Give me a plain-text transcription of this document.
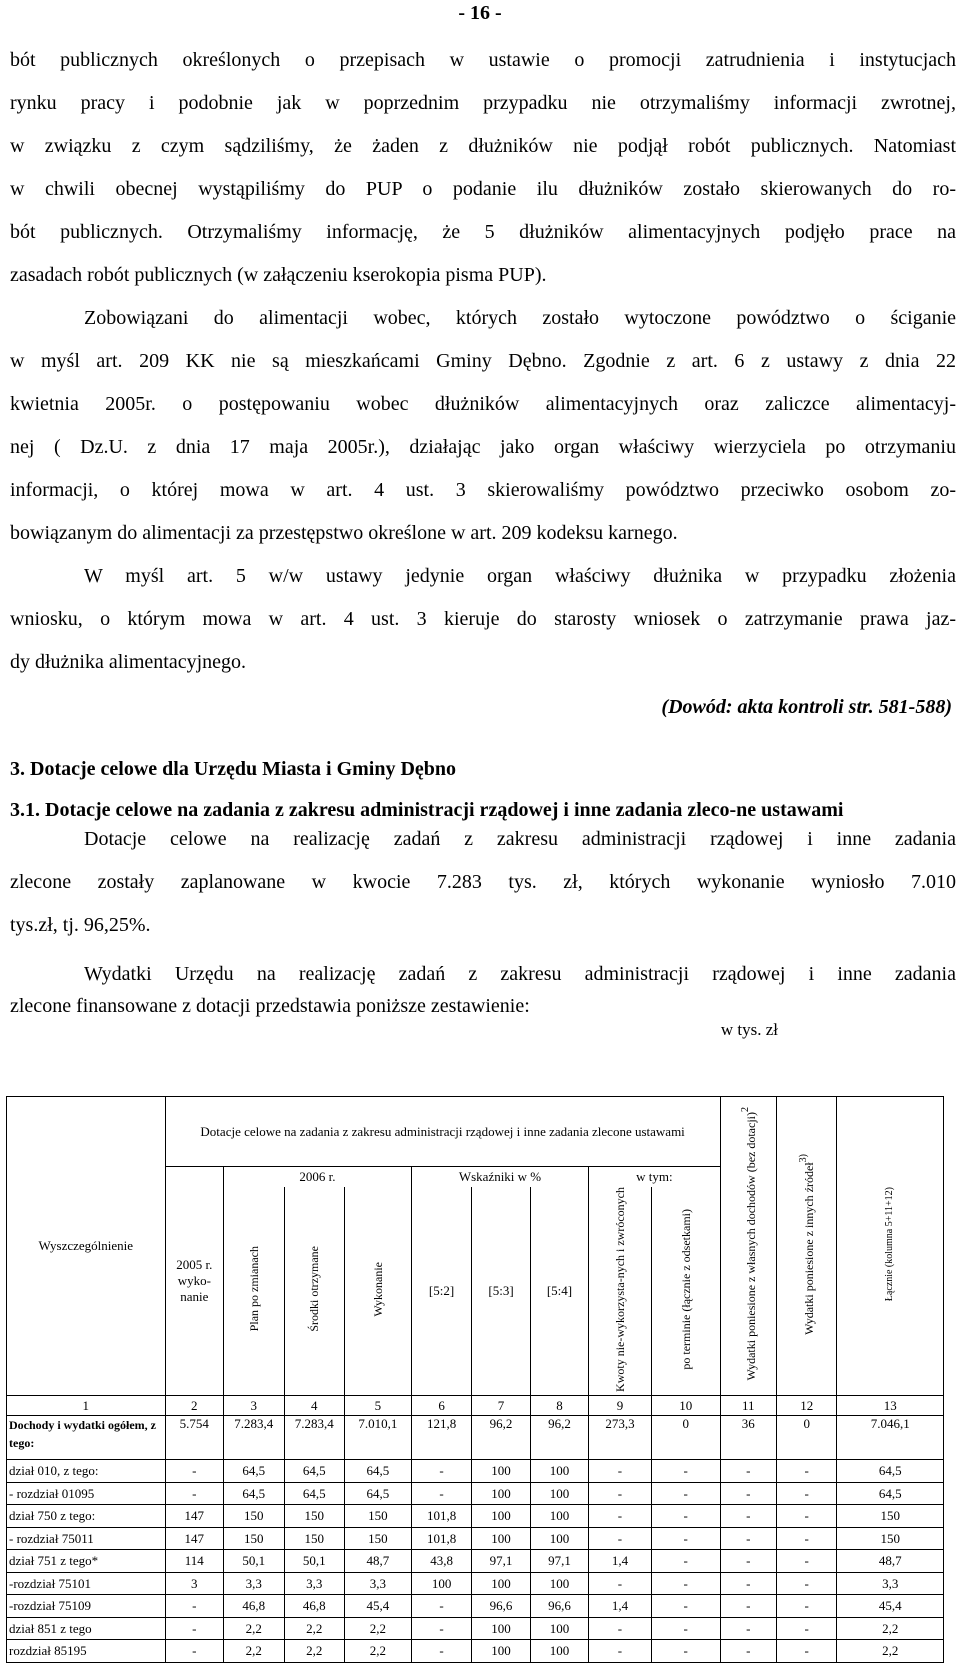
- 16 -
bót publicznych określonych o przepisach w ustawie o promocji zatrudnienia i instytucjach
rynku pracy i podobnie jak w poprzednim przypadku nie otrzymaliśmy informacji zwrotnej,
w związku z czym sądziliśmy, że żaden z dłużników nie podjął robót publicznych. Natomiast
w chwili obecnej wystąpiliśmy do PUP o podanie ilu dłużników zostało skierowanych do ro-
bót publicznych. Otrzymaliśmy informację, że 5 dłużników alimentacyjnych podjęło prace na
zasadach robót publicznych (w załączeniu kserokopia pisma PUP).
Zobowiązani do alimentacji wobec, których zostało wytoczone powództwo o ściganie
w myśl art. 209 KK nie są mieszkańcami Gminy Dębno. Zgodnie z art. 6 z ustawy z dnia 22
kwietnia 2005r. o postępowaniu wobec dłużników alimentacyjnych oraz zaliczce alimentacyj-
nej ( Dz.U. z dnia 17 maja 2005r.), działając jako organ właściwy wierzyciela po otrzymaniu
informacji, o której mowa w art. 4 ust. 3 skierowaliśmy powództwo przeciwko osobom zo-
bowiązanym do alimentacji za przestępstwo określone w art. 209 kodeksu karnego.
W myśl art. 5 w/w ustawy jedynie organ właściwy dłużnika w przypadku złożenia
wniosku, o którym mowa w art. 4 ust. 3 kieruje do starosty wniosek o zatrzymanie prawa jaz-
dy dłużnika alimentacyjnego.
(Dowód: akta kontroli str. 581-588)
3. Dotacje celowe dla Urzędu Miasta i Gminy Dębno
3.1. Dotacje celowe na zadania z zakresu administracji rządowej i inne zadania zleco-ne ustawami
Dotacje celowe na realizację zadań z zakresu administracji rządowej i inne zadania
zlecone zostały zaplanowane w kwocie 7.283 tys. zł, których wykonanie wyniosło 7.010
tys.zł, tj. 96,25%.
Wydatki Urzędu na realizację zadań z zakresu administracji rządowej i inne zadania
zlecone finansowane z dotacji przedstawia poniższe zestawienie:
w tys. zł
Wyszczególnienie	Dotacje celowe na zadania z zakresu administracji rządowej i inne zadania zlecone ustawami									Wydatki poniesione z własnych dochodów (bez dotacji)$^2$	Wydatki poniesione z innych źródeł$^{3)}$	Łącznie (kolumna 5+11+12)
	2005 r. wyko-nanie	2006 r.			Wskaźniki w %			w tym:				
		Plan po zmianach	Środki otrzymane	Wykonanie	[5:2]	[5:3]	[5:4]	Kwoty nie-wykorzysta-nych i zwróconych	po terminie (łącznie z odsetkami)			
1	2	3	4	5	6	7	8	9	10	11	12	13
Dochody i wydatki ogółem, z tego:	5.754	7.283,4	7.283,4	7.010,1	121,8	96,2	96,2	273,3	0	36	0	7.046,1
dział 010, z tego:	-	64,5	64,5	64,5	-	100	100	-	-	-	-	64,5
- rozdział 01095	-	64,5	64,5	64,5	-	100	100	-	-	-	-	64,5
dział 750 z tego:	147	150	150	150	101,8	100	100	-	-	-	-	150
- rozdział 75011	147	150	150	150	101,8	100	100	-	-	-	-	150
dział 751 z tego*	114	50,1	50,1	48,7	43,8	97,1	97,1	1,4	-	-	-	48,7
-rozdział 75101	3	3,3	3,3	3,3	100	100	100	-	-	-	-	3,3
-rozdział 75109	-	46,8	46,8	45,4	-	96,6	96,6	1,4	-	-	-	45,4
dział 851 z tego	-	2,2	2,2	2,2	-	100	100	-	-	-	-	2,2
rozdział 85195	-	2,2	2,2	2,2	-	100	100	-	-	-	-	2,2
